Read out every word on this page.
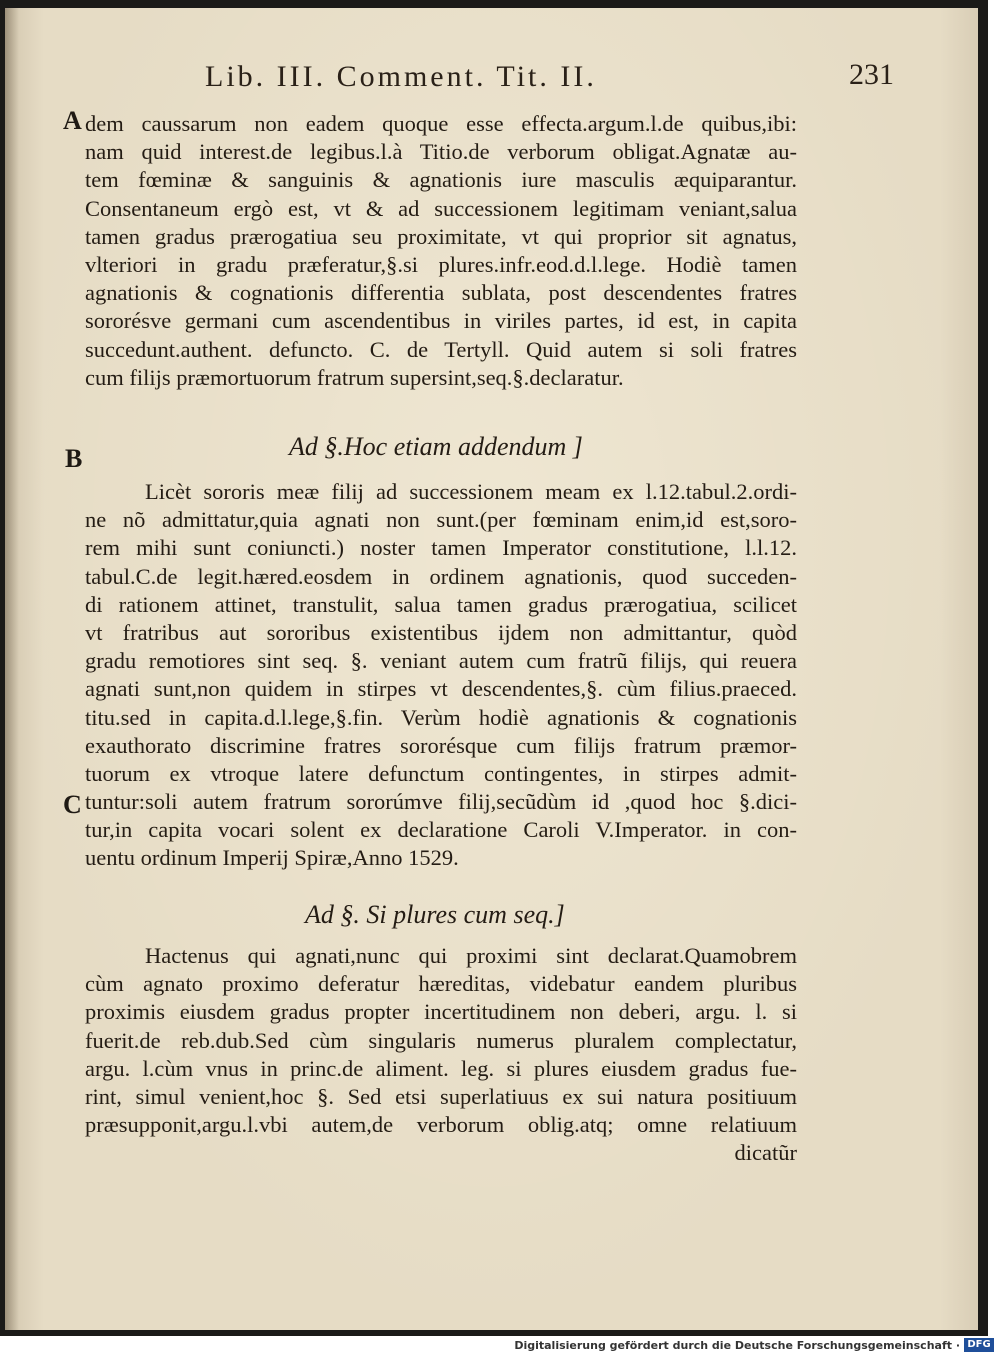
Lib. III. Comment. Tit. II.	231
A
B
C
dem caussarum non eadem quoque esse effecta.argum.l.de quibus,ibi:
nam quid interest.de legibus.l.à Titio.de verborum obligat.Agnatæ au-
tem fœminæ & sanguinis & agnationis iure masculis æquiparantur.
Consentaneum ergò est, vt & ad successionem legitimam veniant,salua
tamen gradus prærogatiua seu proximitate, vt qui proprior sit agnatus,
vlteriori in gradu præferatur,§.si plures.infr.eod.d.l.lege. Hodiè tamen
agnationis & cognationis differentia sublata, post descendentes fratres
sororésve germani cum ascendentibus in viriles partes, id est, in capita
succedunt.authent. defuncto. C. de Tertyll. Quid autem si soli fratres
cum filijs præmortuorum fratrum supersint,seq.§.declaratur.
Ad §.Hoc etiam addendum ]
Licèt sororis meæ filij ad successionem meam ex l.12.tabul.2.ordi-
ne nõ admittatur,quia agnati non sunt.(per fœminam enim,id est,soro-
rem mihi sunt coniuncti.) noster tamen Imperator constitutione, l.l.12.
tabul.C.de legit.hæred.eosdem in ordinem agnationis, quod succeden-
di rationem attinet, transtulit, salua tamen gradus prærogatiua, scilicet
vt fratribus aut sororibus existentibus ijdem non admittantur, quòd
gradu remotiores sint seq. §. veniant autem cum fratrũ filijs, qui reuera
agnati sunt,non quidem in stirpes vt descendentes,§. cùm filius.praeced.
titu.sed in capita.d.l.lege,§.fin. Verùm hodiè agnationis & cognationis
exauthorato discrimine fratres sororésque cum filijs fratrum præmor-
tuorum ex vtroque latere defunctum contingentes, in stirpes admit-
tuntur:soli autem fratrum sororúmve filij,secũdùm id ,quod hoc §.dici-
tur,in capita vocari solent ex declaratione Caroli V.Imperator. in con-
uentu ordinum Imperij Spiræ,Anno 1529.
Ad §. Si plures cum seq.]
Hactenus qui agnati,nunc qui proximi sint declarat.Quamobrem
cùm agnato proximo deferatur hæreditas, videbatur eandem pluribus
proximis eiusdem gradus propter incertitudinem non deberi, argu. l. si
fuerit.de reb.dub.Sed cùm singularis numerus pluralem complectatur,
argu. l.cùm vnus in princ.de aliment. leg. si plures eiusdem gradus fue-
rint, simul venient,hoc §. Sed etsi superlatiuus ex sui natura positiuum
præsupponit,argu.l.vbi autem,de verborum oblig.atq; omne relatiuum
dicatũr
Digitalisierung gefördert durch die Deutsche Forschungsgemeinschaft · DFG
